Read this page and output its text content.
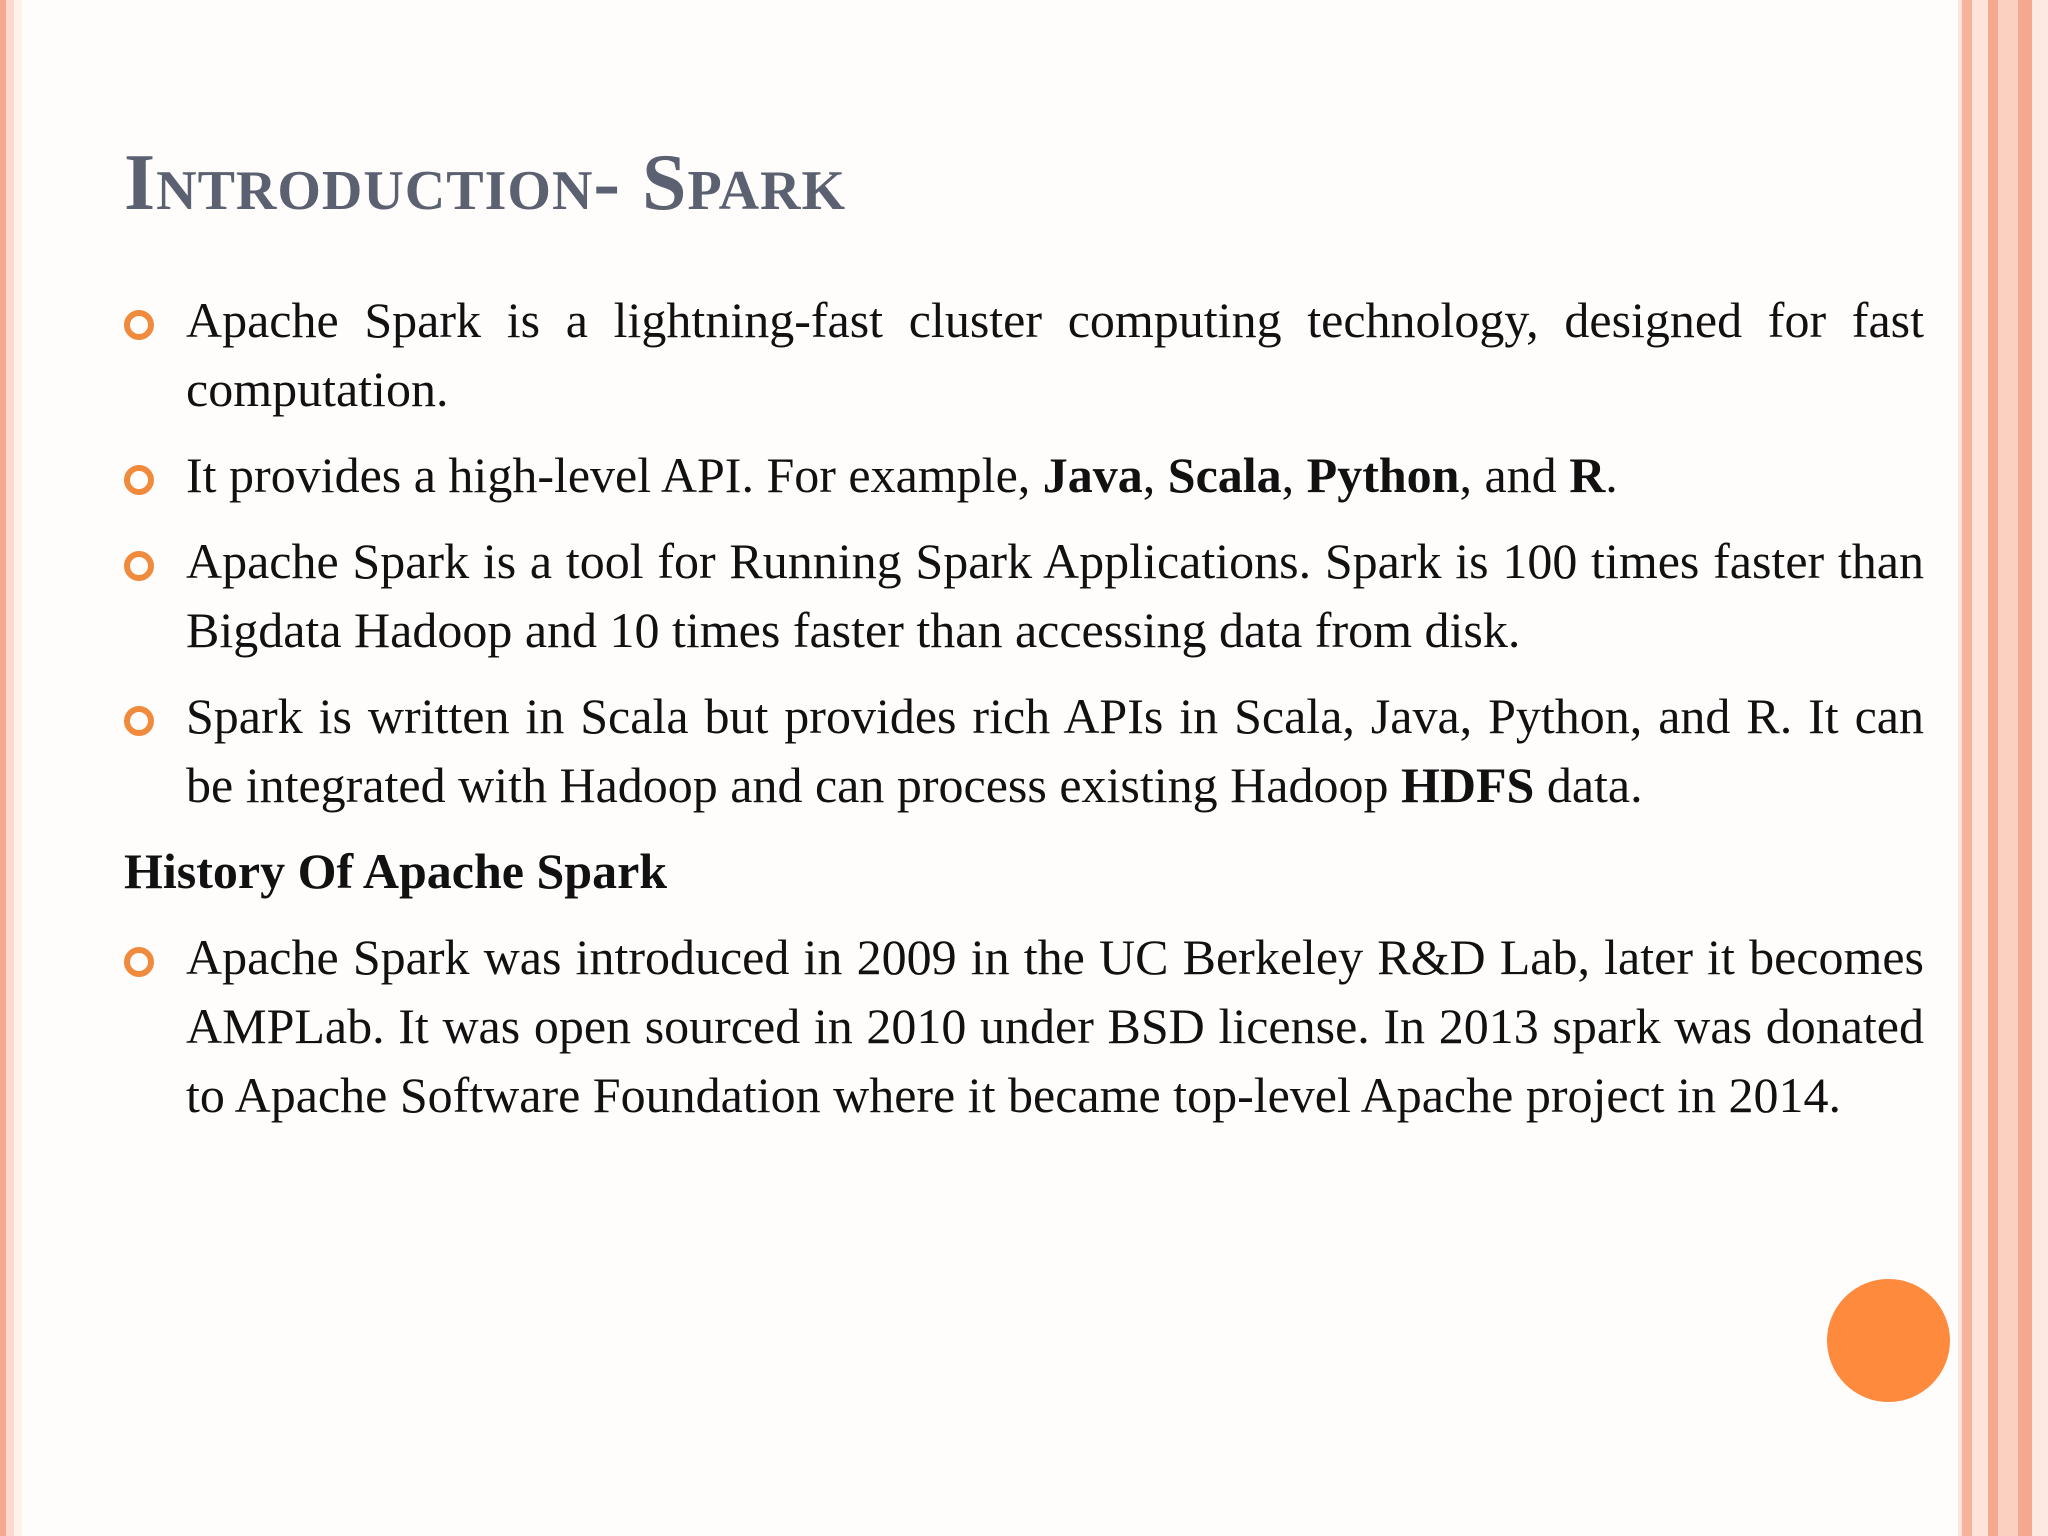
Introduction- Spark
Apache Spark is a lightning-fast cluster computing technology, designed for fast computation.
It provides a high-level API. For example, Java, Scala, Python, and R.
Apache Spark is a tool for Running Spark Applications. Spark is 100 times faster than Bigdata Hadoop and 10 times faster than accessing data from disk.
Spark is written in Scala but provides rich APIs in Scala, Java, Python, and R. It can be integrated with Hadoop and can process existing Hadoop HDFS data.
History Of Apache Spark
Apache Spark was introduced in 2009 in the UC Berkeley R&D Lab, later it becomes AMPLab. It was open sourced in 2010 under BSD license. In 2013 spark was donated to Apache Software Foundation where it became top-level Apache project in 2014.
